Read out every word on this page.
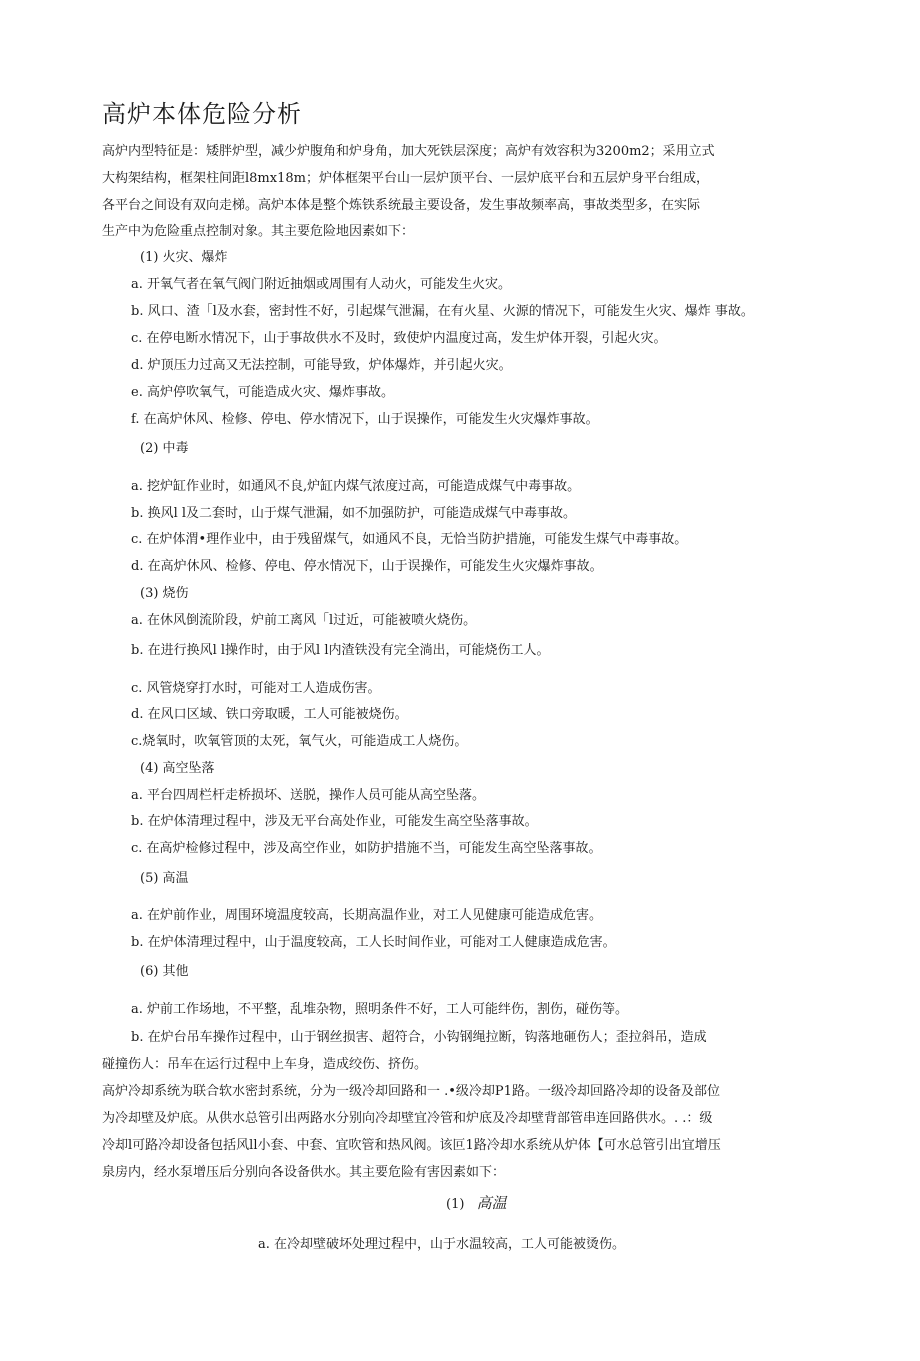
高炉本体危险分析
高炉内型特征是：矮胖炉型，减少炉腹角和炉身角，加大死铁层深度；高炉有效容积为3200m2；采用立式
大构架结构，框架柱间距l8mx18m；炉体框架平台山一层炉顶平台、一层炉底平台和五层炉身平台组成，
各平台之间设有双向走梯。高炉本体是整个炼铁系统最主要设备，发生事故频率高，事故类型多，在实际
生产中为危险重点控制对象。其主要危险地因素如下：
(1) 火灾、爆炸
a. 开氧气者在氧气阀门附近抽烟或周围有人动火，可能发生火灾。
b. 风口、渣「l及水套，密封性不好，引起煤气泄漏，在有火星、火源的情况下，可能发生火灾、爆炸 事故。
c. 在停电断水情况下，山于事故供水不及时，致使炉内温度过高，发生炉体开裂，引起火灾。
d. 炉顶压力过高又无法控制，可能导致，炉体爆炸，并引起火灾。
e. 高炉停吹氧气，可能造成火灾、爆炸事故。
f. 在高炉休风、检修、停电、停水情况下，山于误操作，可能发生火灾爆炸事故。
(2) 中毒
a. 挖炉缸作业时，如通风不良,炉缸内煤气浓度过高，可能造成煤气中毒事故。
b. 换风l l及二套时，山于煤气泄漏，如不加强防护，可能造成煤气中毒事故。
c. 在炉体渭•理作业中，由于残留煤气，如通风不良，无恰当防护措施，可能发生煤气中毒事故。
d. 在高炉休风、检修、停电、停水情况下，山于误操作，可能发生火灾爆炸事故。
(3) 烧伤
a. 在休风倒流阶段，炉前工离风「l过近，可能被喷火烧伤。
b. 在进行换风l l操作时，由于风l l内渣铁没有完全淌出，可能烧伤工人。
c. 风管烧穿打水时，可能对工人造成伤害。
d. 在风口区域、铁口旁取暖，工人可能被烧伤。
c.烧氧时，吹氧管顶的太死，氧气火，可能造成工人烧伤。
(4) 高空坠落
a. 平台四周栏杆走桥损坏、送脱，操作人员可能从高空坠落。
b. 在炉体清理过程中，涉及无平台高处作业，可能发生高空坠落事故。
c. 在高炉检修过程中，涉及高空作业，如防护措施不当，可能发生高空坠落事故。
(5) 高温
a. 在炉前作业，周围环境温度较高，长期高温作业，对工人见健康可能造成危害。
b. 在炉体清理过程中，山于温度较高，工人长时间作业，可能对工人健康造成危害。
(6) 其他
a. 炉前工作场地，不平整，乱堆杂物，照明条件不好，工人可能绊伤，割伤，碰伤等。
b. 在炉台吊车操作过程中，山于钢丝损害、超符合，小钩钢绳拉断，钩落地砸伤人；歪拉斜吊，造成
碰撞伤人：吊车在运行过程中上车身，造成绞伤、挤伤。
高炉冷却系统为联合软水密封系统，分为一级冷却回路和一 .•级冷却P1路。一级冷却回路冷却的设备及部位
为冷却壁及炉底。从供水总管引出两路水分别向冷却壁宜冷管和炉底及冷却壁背部管串连回路供水。. .：级
冷却l可路冷却设备包括风ll小套、中套、宜吹管和热风阀。该叵1路冷却水系统从炉体【可水总管引出宜增压
泉房内，经水泵增压后分别向各设备供水。其主要危险有害因素如下：
(1) 高温
a. 在冷却壁破坏处理过程中，山于水温较高，工人可能被烫伤。
